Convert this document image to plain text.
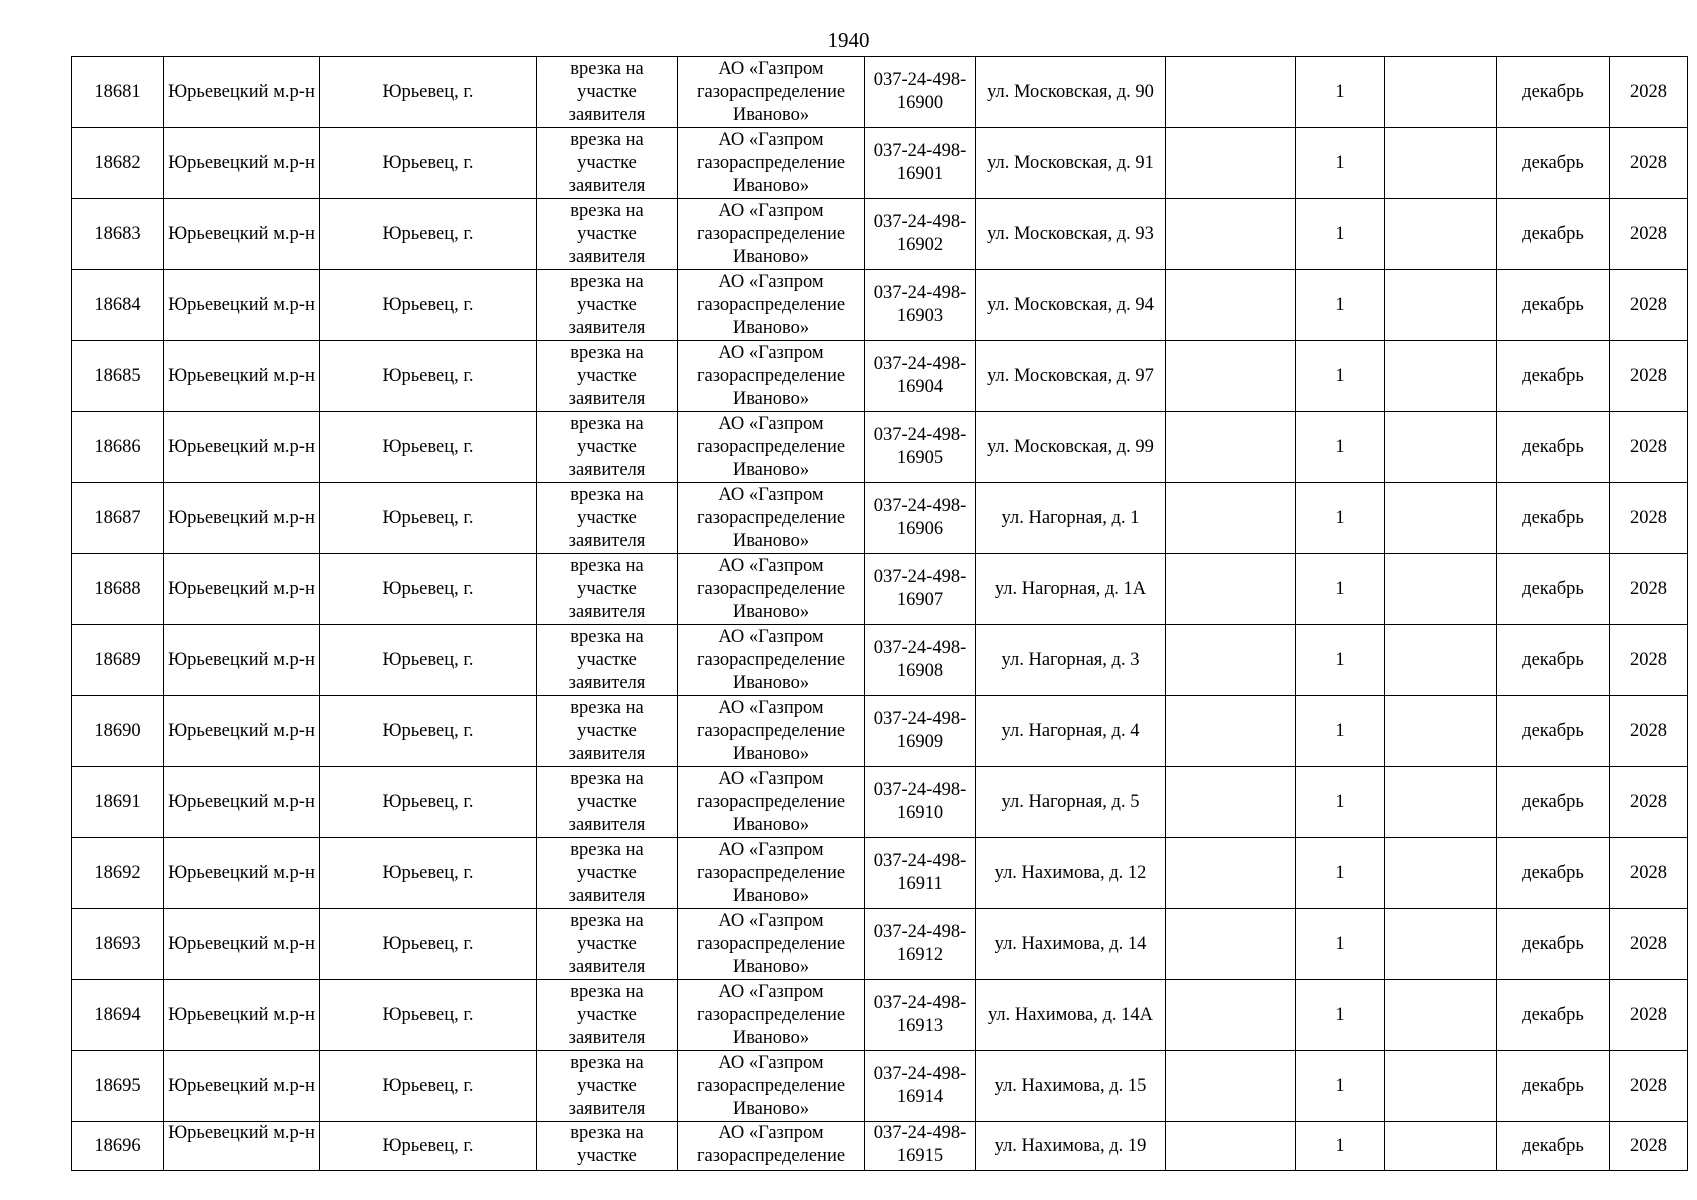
1940
18681	Юрьевецкий м.р-н	Юрьевец, г.	врезка на участке заявителя	АО «Газпром газораспределение Иваново»	037-24-498-16900	ул. Московская, д. 90		1		декабрь	2028
18682	Юрьевецкий м.р-н	Юрьевец, г.	врезка на участке заявителя	АО «Газпром газораспределение Иваново»	037-24-498-16901	ул. Московская, д. 91		1		декабрь	2028
18683	Юрьевецкий м.р-н	Юрьевец, г.	врезка на участке заявителя	АО «Газпром газораспределение Иваново»	037-24-498-16902	ул. Московская, д. 93		1		декабрь	2028
18684	Юрьевецкий м.р-н	Юрьевец, г.	врезка на участке заявителя	АО «Газпром газораспределение Иваново»	037-24-498-16903	ул. Московская, д. 94		1		декабрь	2028
18685	Юрьевецкий м.р-н	Юрьевец, г.	врезка на участке заявителя	АО «Газпром газораспределение Иваново»	037-24-498-16904	ул. Московская, д. 97		1		декабрь	2028
18686	Юрьевецкий м.р-н	Юрьевец, г.	врезка на участке заявителя	АО «Газпром газораспределение Иваново»	037-24-498-16905	ул. Московская, д. 99		1		декабрь	2028
18687	Юрьевецкий м.р-н	Юрьевец, г.	врезка на участке заявителя	АО «Газпром газораспределение Иваново»	037-24-498-16906	ул. Нагорная, д. 1		1		декабрь	2028
18688	Юрьевецкий м.р-н	Юрьевец, г.	врезка на участке заявителя	АО «Газпром газораспределение Иваново»	037-24-498-16907	ул. Нагорная, д. 1А		1		декабрь	2028
18689	Юрьевецкий м.р-н	Юрьевец, г.	врезка на участке заявителя	АО «Газпром газораспределение Иваново»	037-24-498-16908	ул. Нагорная, д. 3		1		декабрь	2028
18690	Юрьевецкий м.р-н	Юрьевец, г.	врезка на участке заявителя	АО «Газпром газораспределение Иваново»	037-24-498-16909	ул. Нагорная, д. 4		1		декабрь	2028
18691	Юрьевецкий м.р-н	Юрьевец, г.	врезка на участке заявителя	АО «Газпром газораспределение Иваново»	037-24-498-16910	ул. Нагорная, д. 5		1		декабрь	2028
18692	Юрьевецкий м.р-н	Юрьевец, г.	врезка на участке заявителя	АО «Газпром газораспределение Иваново»	037-24-498-16911	ул. Нахимова, д. 12		1		декабрь	2028
18693	Юрьевецкий м.р-н	Юрьевец, г.	врезка на участке заявителя	АО «Газпром газораспределение Иваново»	037-24-498-16912	ул. Нахимова, д. 14		1		декабрь	2028
18694	Юрьевецкий м.р-н	Юрьевец, г.	врезка на участке заявителя	АО «Газпром газораспределение Иваново»	037-24-498-16913	ул. Нахимова, д. 14А		1		декабрь	2028
18695	Юрьевецкий м.р-н	Юрьевец, г.	врезка на участке заявителя	АО «Газпром газораспределение Иваново»	037-24-498-16914	ул. Нахимова, д. 15		1		декабрь	2028
18696	Юрьевецкий м.р-н	Юрьевец, г.	врезка на участке	АО «Газпром газораспределение	037-24-498-16915	ул. Нахимова, д. 19		1		декабрь	2028
